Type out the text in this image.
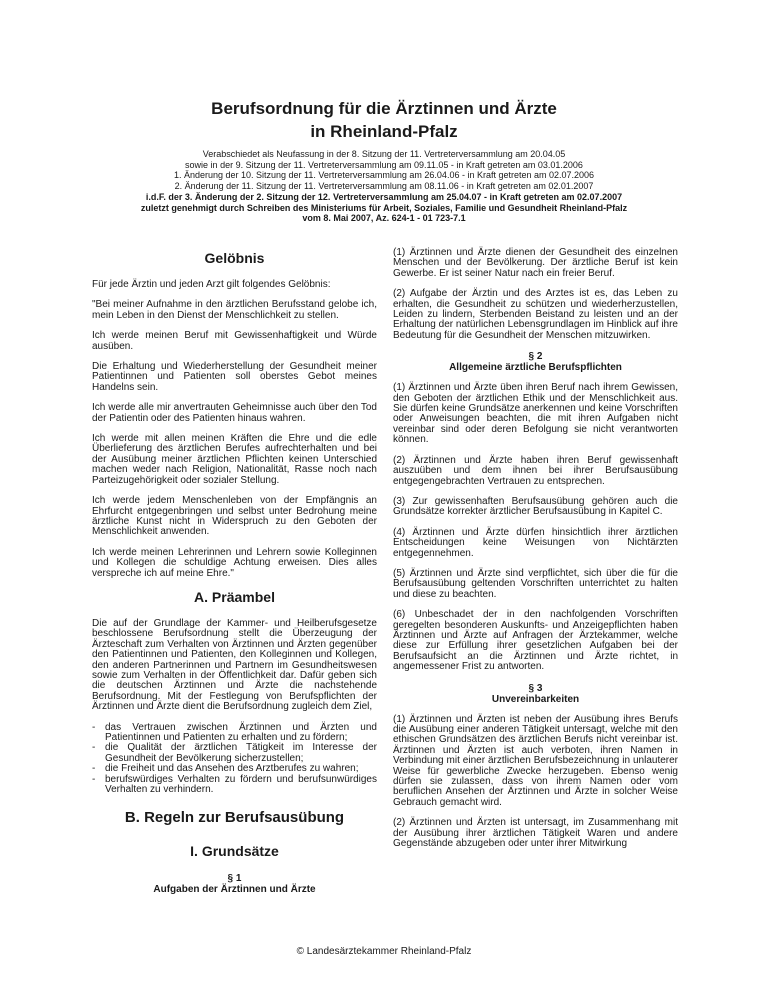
Berufsordnung für die Ärztinnen und Ärzte
in Rheinland-Pfalz
Verabschiedet als Neufassung in der 8. Sitzung der 11. Vertreterversammlung am 20.04.05
sowie in der 9. Sitzung der 11. Vertreterversammlung am 09.11.05 - in Kraft getreten am 03.01.2006
1. Änderung der 10. Sitzung der 11. Vertreterversammlung am 26.04.06 - in Kraft getreten am 02.07.2006
2. Änderung der 11. Sitzung der 11. Vertreterversammlung am 08.11.06 - in Kraft getreten am 02.01.2007
i.d.F. der 3. Änderung der 2. Sitzung der 12. Vertreterversammlung am 25.04.07 - in Kraft getreten am 02.07.2007
zuletzt genehmigt durch Schreiben des Ministeriums für Arbeit, Soziales, Familie und Gesundheit Rheinland-Pfalz
vom 8. Mai 2007, Az. 624-1 - 01 723-7.1
Gelöbnis

Für jede Ärztin und jeden Arzt gilt folgendes Gelöbnis:

"Bei meiner Aufnahme in den ärztlichen Berufsstand gelobe ich, mein Leben in den Dienst der Menschlichkeit zu stellen.

Ich werde meinen Beruf mit Gewissenhaftigkeit und Würde ausüben.

Die Erhaltung und Wiederherstellung der Gesundheit meiner Patientinnen und Patienten soll oberstes Gebot meines Handelns sein.

Ich werde alle mir anvertrauten Geheimnisse auch über den Tod der Patientin oder des Patienten hinaus wahren.

Ich werde mit allen meinen Kräften die Ehre und die edle Überlieferung des ärztlichen Berufes aufrechterhalten und bei der Ausübung meiner ärztlichen Pflichten keinen Unterschied machen weder nach Religion, Nationalität, Rasse noch nach Parteizugehörigkeit oder sozialer Stellung.

Ich werde jedem Menschenleben von der Empfängnis an Ehrfurcht entgegenbringen und selbst unter Bedrohung meine ärztliche Kunst nicht in Widerspruch zu den Geboten der Menschlichkeit anwenden.

Ich werde meinen Lehrerinnen und Lehrern sowie Kolleginnen und Kollegen die schuldige Achtung erweisen. Dies alles verspreche ich auf meine Ehre."

A. Präambel

Die auf der Grundlage der Kammer- und Heilberufsgesetze beschlossene Berufsordnung stellt die Überzeugung der Ärzteschaft zum Verhalten von Ärztinnen und Ärzten gegenüber den Patientinnen und Patienten, den Kolleginnen und Kollegen, den anderen Partnerinnen und Partnern im Gesundheitswesen sowie zum Verhalten in der Öffentlichkeit dar. Dafür geben sich die deutschen Ärztinnen und Ärzte die nachstehende Berufsordnung. Mit der Festlegung von Berufspflichten der Ärztinnen und Ärzte dient die Berufsordnung zugleich dem Ziel,

- das Vertrauen zwischen Ärztinnen und Ärzten und Patientinnen und Patienten zu erhalten und zu fördern;
- die Qualität der ärztlichen Tätigkeit im Interesse der Gesundheit der Bevölkerung sicherzustellen;
- die Freiheit und das Ansehen des Arztberufes zu wahren;
- berufswürdiges Verhalten zu fördern und berufsunwürdiges Verhalten zu verhindern.
B. Regeln zur Berufsausübung
I. Grundsätze
§ 1
Aufgaben der Ärztinnen und Ärzte

(1) Ärztinnen und Ärzte dienen der Gesundheit des einzelnen Menschen und der Bevölkerung. Der ärztliche Beruf ist kein Gewerbe. Er ist seiner Natur nach ein freier Beruf.

(2) Aufgabe der Ärztin und des Arztes ist es, das Leben zu erhalten, die Gesundheit zu schützen und wiederherzustellen, Leiden zu lindern, Sterbenden Beistand zu leisten und an der Erhaltung der natürlichen Lebensgrundlagen im Hinblick auf ihre Bedeutung für die Gesundheit der Menschen mitzuwirken.

§ 2
Allgemeine ärztliche Berufspflichten

(1) Ärztinnen und Ärzte üben ihren Beruf nach ihrem Gewissen, den Geboten der ärztlichen Ethik und der Menschlichkeit aus. Sie dürfen keine Grundsätze anerkennen und keine Vorschriften oder Anweisungen beachten, die mit ihren Aufgaben nicht vereinbar sind oder deren Befolgung sie nicht verantworten können.

(2) Ärztinnen und Ärzte haben ihren Beruf gewissenhaft auszuüben und dem ihnen bei ihrer Berufsausübung entgegengebrachten Vertrauen zu entsprechen.

(3) Zur gewissenhaften Berufsausübung gehören auch die Grundsätze korrekter ärztlicher Berufsausübung in Kapitel C.

(4) Ärztinnen und Ärzte dürfen hinsichtlich ihrer ärztlichen Entscheidungen keine Weisungen von Nichtärzten entgegennehmen.

(5) Ärztinnen und Ärzte sind verpflichtet, sich über die für die Berufsausübung geltenden Vorschriften unterrichtet zu halten und diese zu beachten.

(6) Unbeschadet der in den nachfolgenden Vorschriften geregelten besonderen Auskunfts- und Anzeigepflichten haben Ärztinnen und Ärzte auf Anfragen der Ärztekammer, welche diese zur Erfüllung ihrer gesetzlichen Aufgaben bei der Berufsaufsicht an die Ärztinnen und Ärzte richtet, in angemessener Frist zu antworten.

§ 3
Unvereinbarkeiten

(1) Ärztinnen und Ärzten ist neben der Ausübung ihres Berufs die Ausübung einer anderen Tätigkeit untersagt, welche mit den ethischen Grundsätzen des ärztlichen Berufs nicht vereinbar ist. Ärztinnen und Ärzten ist auch verboten, ihren Namen in Verbindung mit einer ärztlichen Berufsbezeichnung in unlauterer Weise für gewerbliche Zwecke herzugeben. Ebenso wenig dürfen sie zulassen, dass von ihrem Namen oder vom beruflichen Ansehen der Ärztinnen und Ärzte in solcher Weise Gebrauch gemacht wird.

(2) Ärztinnen und Ärzten ist untersagt, im Zusammenhang mit der Ausübung ihrer ärztlichen Tätigkeit Waren und andere Gegenstände abzugeben oder unter ihrer Mitwirkung

© Landesärztekammer Rheinland-Pfalz
